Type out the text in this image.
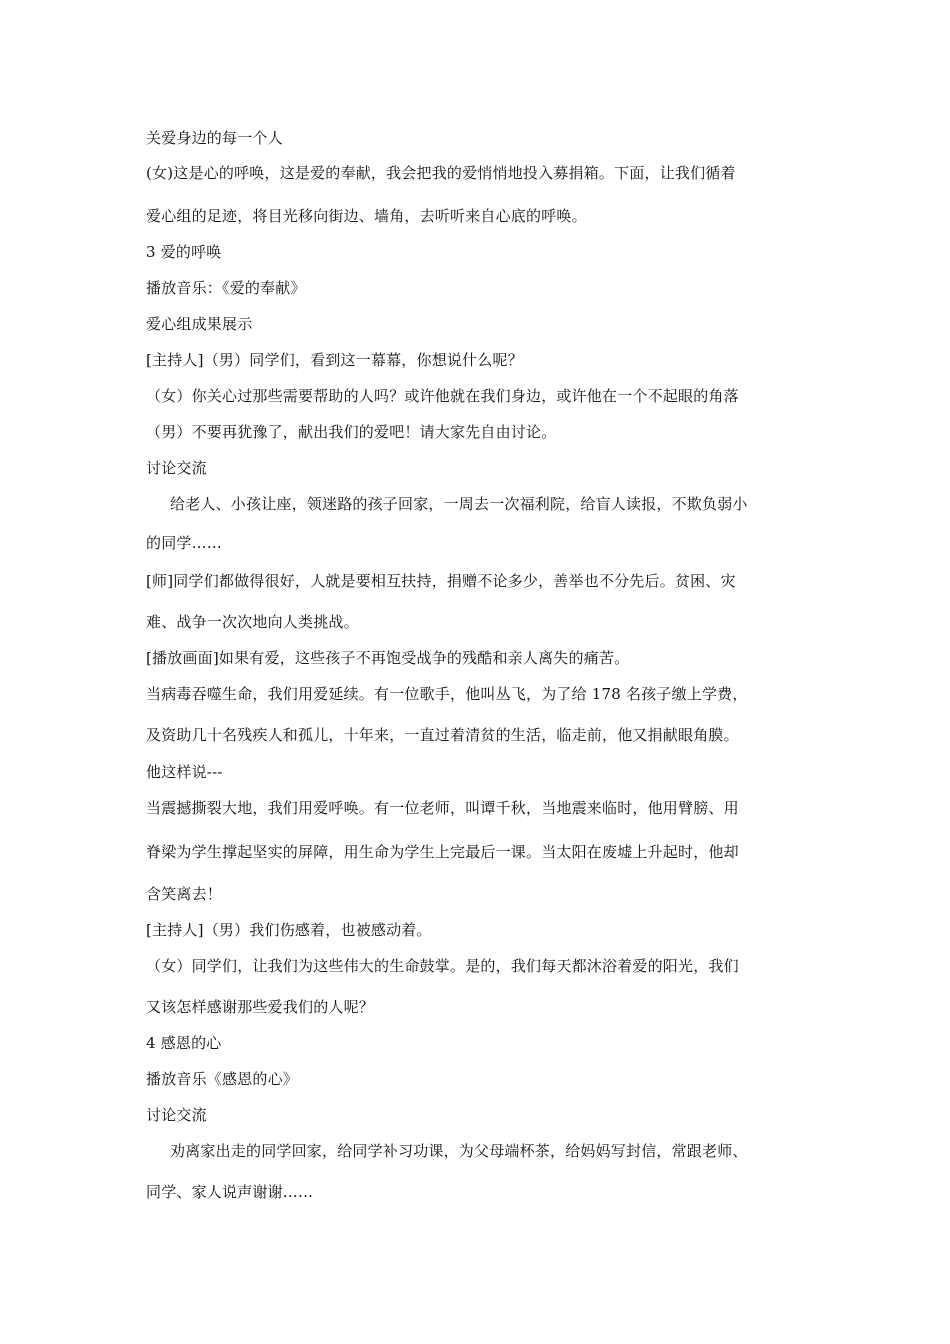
关爱身边的每一个人
(女)这是心的呼唤，这是爱的奉献，我会把我的爱悄悄地投入募捐箱。下面，让我们循着
爱心组的足迹，将目光移向街边、墙角，去听听来自心底的呼唤。
3 爱的呼唤
播放音乐：《爱的奉献》
爱心组成果展示
[主持人]（男）同学们，看到这一幕幕，你想说什么呢？
（女）你关心过那些需要帮助的人吗？或许他就在我们身边，或许他在一个不起眼的角落
（男）不要再犹豫了，献出我们的爱吧！请大家先自由讨论。
讨论交流
给老人、小孩让座，领迷路的孩子回家，一周去一次福利院，给盲人读报，不欺负弱小
的同学……
[师]同学们都做得很好，人就是要相互扶持，捐赠不论多少，善举也不分先后。贫困、灾
难、战争一次次地向人类挑战。
[播放画面]如果有爱，这些孩子不再饱受战争的残酷和亲人离失的痛苦。
当病毒吞噬生命，我们用爱延续。有一位歌手，他叫丛飞，为了给 178 名孩子缴上学费，
及资助几十名残疾人和孤儿，十年来，一直过着清贫的生活，临走前，他又捐献眼角膜。
他这样说---
当震撼撕裂大地，我们用爱呼唤。有一位老师，叫谭千秋，当地震来临时，他用臂膀、用
脊梁为学生撑起坚实的屏障，用生命为学生上完最后一课。当太阳在废墟上升起时，他却
含笑离去！
[主持人]（男）我们伤感着，也被感动着。
（女）同学们，让我们为这些伟大的生命鼓掌。是的，我们每天都沐浴着爱的阳光，我们
又该怎样感谢那些爱我们的人呢？
4 感恩的心
播放音乐《感恩的心》
讨论交流
劝离家出走的同学回家，给同学补习功课，为父母端杯茶，给妈妈写封信，常跟老师、
同学、家人说声谢谢……
